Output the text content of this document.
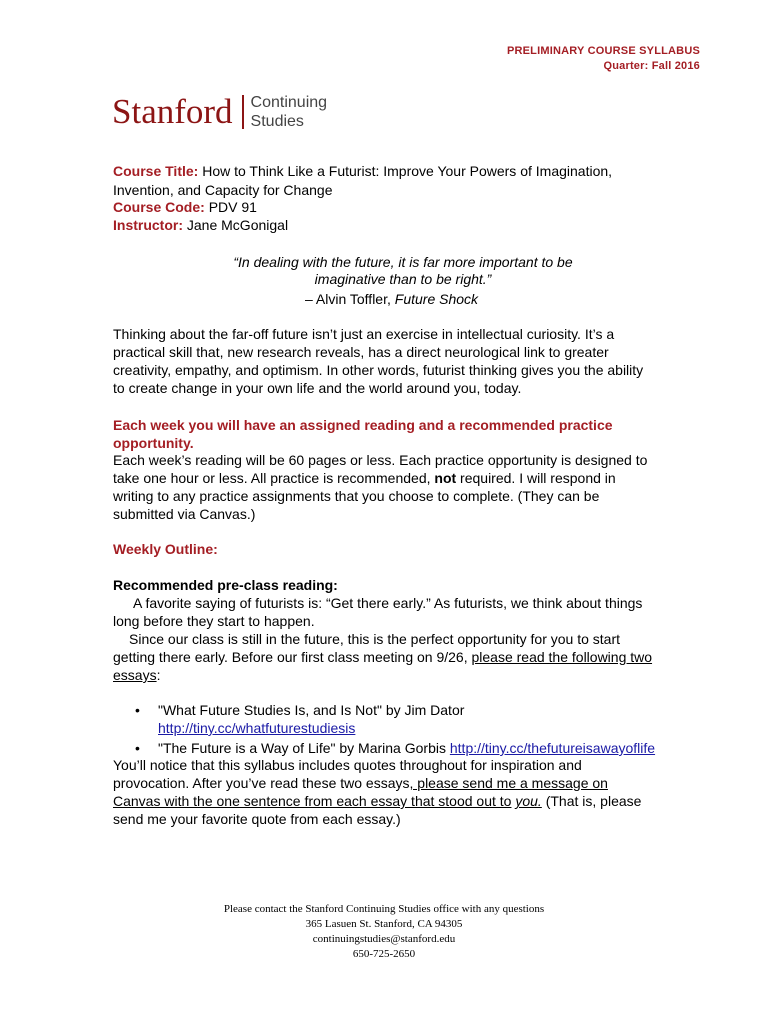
PRELIMINARY COURSE SYLLABUS
Quarter: Fall 2016
Stanford Continuing
Studies
Course Title: How to Think Like a Futurist: Improve Your Powers of Imagination,
Invention, and Capacity for Change
Course Code: PDV 91
Instructor: Jane McGonigal
“In dealing with the future, it is far more important to be
imaginative than to be right.”
– Alvin Toffler, Future Shock
Thinking about the far-off future isn’t just an exercise in intellectual curiosity. It’s a
practical skill that, new research reveals, has a direct neurological link to greater
creativity, empathy, and optimism. In other words, futurist thinking gives you the ability
to create change in your own life and the world around you, today.
Each week you will have an assigned reading and a recommended practice
opportunity.
Each week’s reading will be 60 pages or less. Each practice opportunity is designed to
take one hour or less. All practice is recommended, not required. I will respond in
writing to any practice assignments that you choose to complete. (They can be
submitted via Canvas.)
Weekly Outline:
Recommended pre-class reading:
A favorite saying of futurists is: “Get there early.” As futurists, we think about things
long before they start to happen.
Since our class is still in the future, this is the perfect opportunity for you to start
getting there early. Before our first class meeting on 9/26, please read the following two
essays:
• "What Future Studies Is, and Is Not" by Jim Dator
http://tiny.cc/whatfuturestudiesis
• "The Future is a Way of Life" by Marina Gorbis http://tiny.cc/thefutureisawayoflife
You’ll notice that this syllabus includes quotes throughout for inspiration and
provocation. After you’ve read these two essays, please send me a message on
Canvas with the one sentence from each essay that stood out to you. (That is, please
send me your favorite quote from each essay.)
Please contact the Stanford Continuing Studies office with any questions
365 Lasuen St. Stanford, CA 94305
continuingstudies@stanford.edu
650-725-2650
